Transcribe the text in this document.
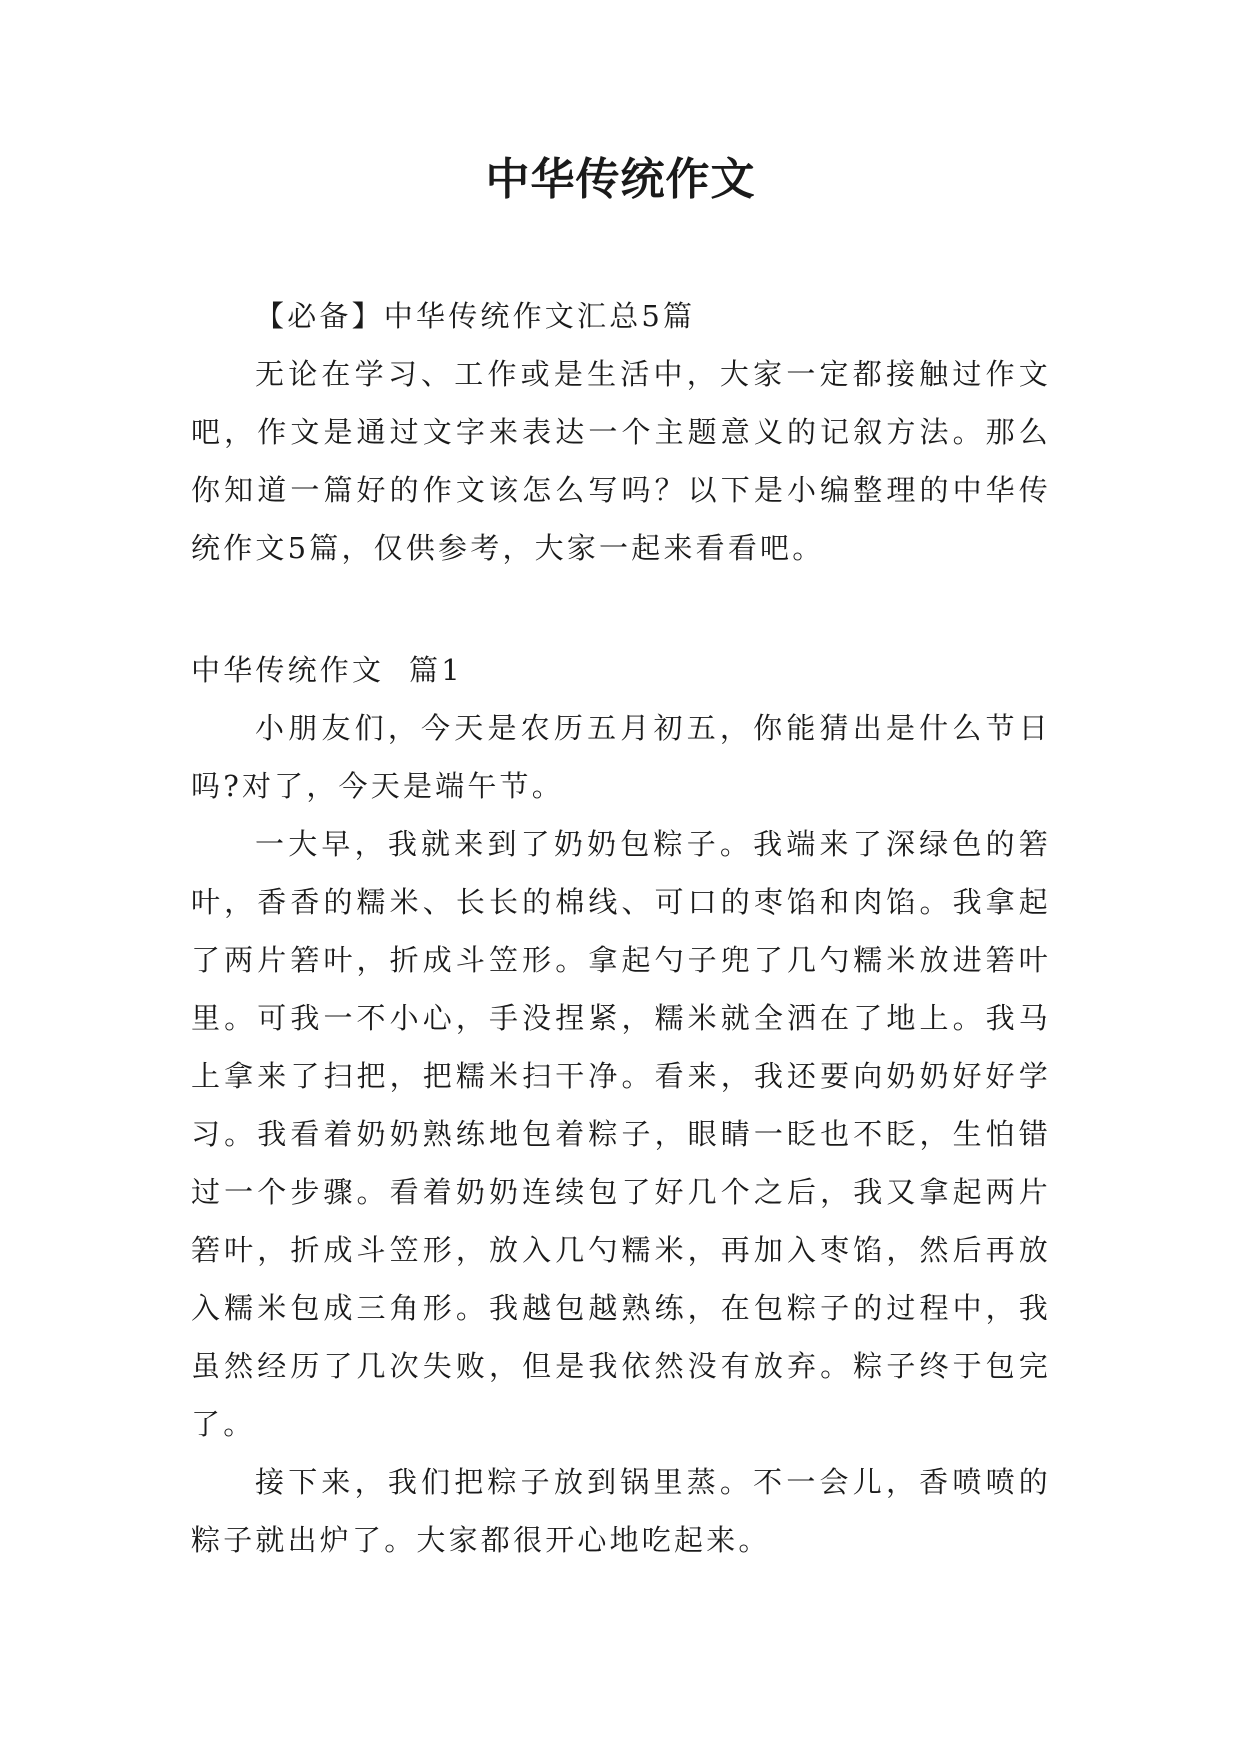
中华传统作文

【必备】中华传统作文汇总5篇

无论在学习、工作或是生活中，大家一定都接触过作文吧，作文是通过文字来表达一个主题意义的记叙方法。那么你知道一篇好的作文该怎么写吗？以下是小编整理的中华传统作文5篇，仅供参考，大家一起来看看吧。

中华传统作文  篇1

小朋友们，今天是农历五月初五，你能猜出是什么节日吗?对了，今天是端午节。

一大早，我就来到了奶奶包粽子。我端来了深绿色的箬叶，香香的糯米、长长的棉线、可口的枣馅和肉馅。我拿起了两片箬叶，折成斗笠形。拿起勺子兜了几勺糯米放进箬叶里。可我一不小心，手没捏紧，糯米就全洒在了地上。我马上拿来了扫把，把糯米扫干净。看来，我还要向奶奶好好学习。我看着奶奶熟练地包着粽子，眼睛一眨也不眨，生怕错过一个步骤。看着奶奶连续包了好几个之后，我又拿起两片箬叶，折成斗笠形，放入几勺糯米，再加入枣馅，然后再放入糯米包成三角形。我越包越熟练，在包粽子的过程中，我虽然经历了几次失败，但是我依然没有放弃。粽子终于包完了。

接下来，我们把粽子放到锅里蒸。不一会儿，香喷喷的粽子就出炉了。大家都很开心地吃起来。
